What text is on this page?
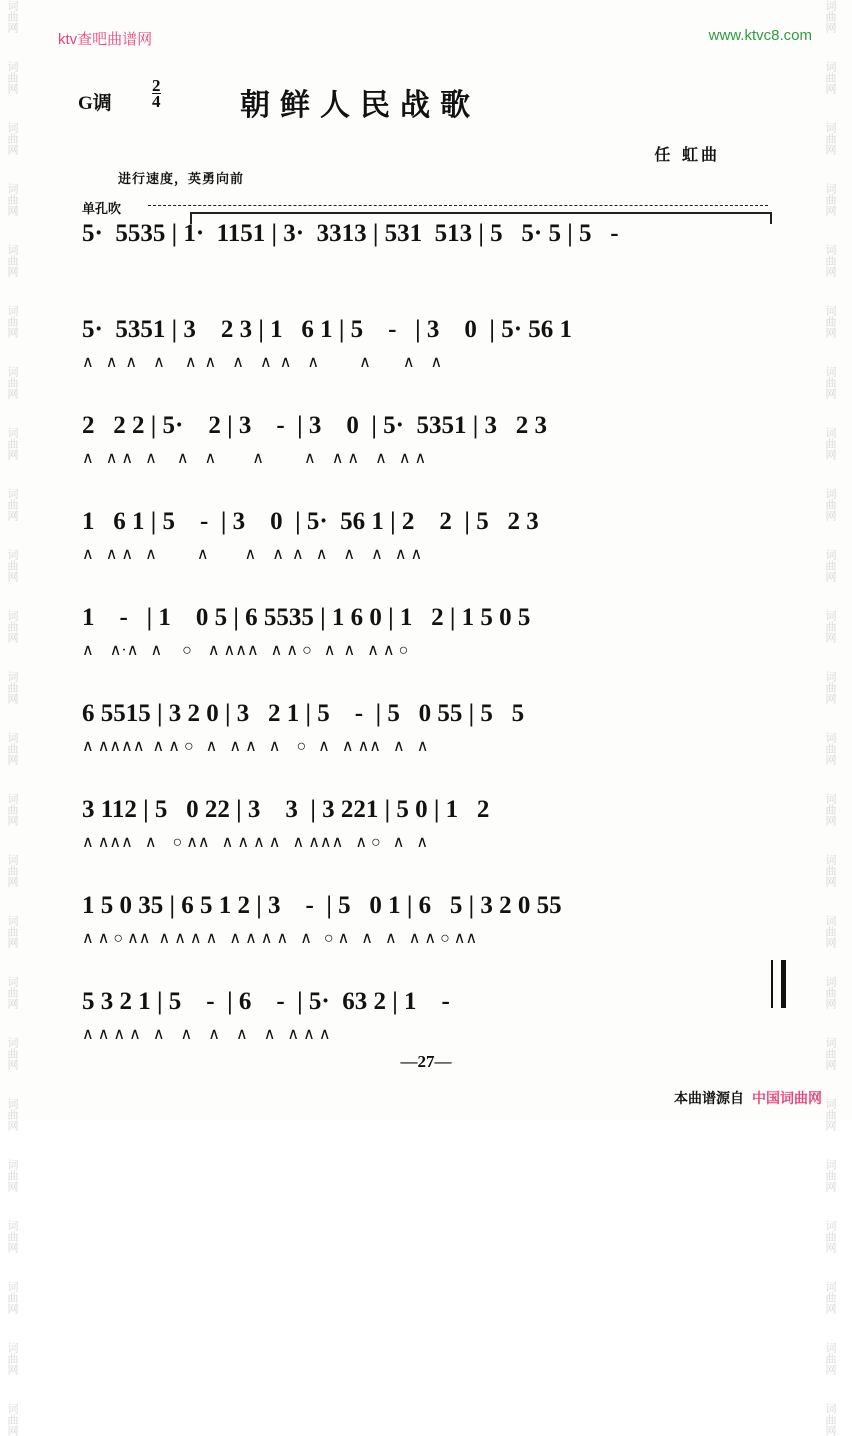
ktv查吧曲谱网	www.ktvc8.com
词曲网
词曲网
词曲网
词曲网
词曲网
词曲网
词曲网
词曲网
词曲网
词曲网
词曲网
词曲网
词曲网
词曲网
词曲网
词曲网
词曲网
词曲网
词曲网
词曲网
词曲网
词曲网
词曲网
词曲网
词曲网
词曲网
词曲网
词曲网
词曲网
词曲网
词曲网
词曲网
词曲网
词曲网
词曲网
词曲网
词曲网
词曲网
词曲网
词曲网
词曲网
词曲网
词曲网
词曲网
词曲网
词曲网
词曲网
词曲网
G调 $\frac{2}{4}$	朝鲜人民战歌
任 虹曲
进行速度，英勇向前
单孔吹
5·  5535 | 1·  1151 | 3·  3313 | 531  513 | 5   5· 5 | 5   -
5·  5351 | 3    2 3 | 1   6 1 | 5    -   | 3    0  | 5· 56 1
∧   ∧  ∧    ∧     ∧  ∧    ∧    ∧  ∧    ∧          ∧        ∧    ∧
2   2 2 | 5·    2 | 3    -  | 3    0  | 5·  5351 | 3   2 3
∧   ∧ ∧   ∧     ∧    ∧         ∧          ∧    ∧ ∧    ∧   ∧ ∧
1   6 1 | 5    -  | 3    0  | 5·  56 1 | 2    2  | 5   2 3
∧   ∧ ∧   ∧          ∧         ∧    ∧  ∧   ∧    ∧    ∧   ∧ ∧
1    -   | 1    0 5 | 6 5535 | 1 6 0 | 1   2 | 1 5 0 5
∧    ∧·∧   ∧     ○    ∧ ∧∧∧   ∧ ∧ ○   ∧  ∧   ∧ ∧ ○
6 5515 | 3 2 0 | 3   2 1 | 5    -  | 5   0 55 | 5   5
∧ ∧∧∧∧  ∧ ∧ ○   ∧   ∧ ∧   ∧    ○   ∧   ∧ ∧∧   ∧   ∧
3 112 | 5   0 22 | 3    3  | 3 221 | 5 0 | 1   2
∧ ∧∧∧   ∧    ○ ∧∧   ∧ ∧ ∧ ∧   ∧ ∧∧∧   ∧ ○   ∧   ∧
1 5 0 35 | 6 5 1 2 | 3    -  | 5   0 1 | 6   5 | 3 2 0 55
∧ ∧ ○ ∧∧  ∧ ∧ ∧ ∧   ∧ ∧ ∧ ∧   ∧   ○ ∧   ∧   ∧   ∧ ∧ ○ ∧∧
5 3 2 1 | 5    -  | 6    -  | 5·  63 2 | 1    -
∧ ∧ ∧ ∧   ∧    ∧    ∧    ∧    ∧   ∧ ∧ ∧
—27—
本曲谱源自 中国词曲网
